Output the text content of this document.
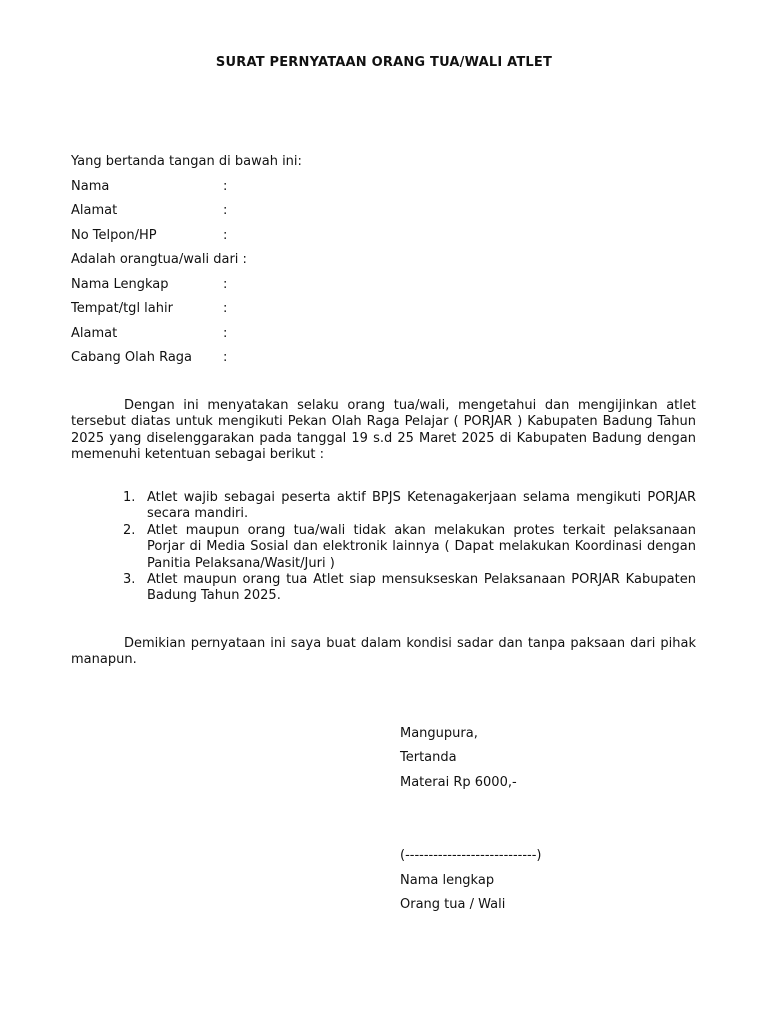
SURAT PERNYATAAN ORANG TUA/WALI ATLET
Yang bertanda tangan di bawah ini:
Nama	:
Alamat	:
No Telpon/HP	:
Adalah orangtua/wali dari :
Nama Lengkap	:
Tempat/tgl lahir	:
Alamat	:
Cabang Olah Raga :
Dengan ini menyatakan selaku orang tua/wali, mengetahui dan mengijinkan atlet tersebut diatas untuk mengikuti Pekan Olah Raga Pelajar ( PORJAR ) Kabupaten Badung Tahun 2025 yang diselenggarakan pada tanggal 19 s.d 25 Maret 2025 di Kabupaten Badung dengan memenuhi ketentuan sebagai berikut :
1. Atlet wajib sebagai peserta aktif BPJS Ketenagakerjaan selama mengikuti PORJAR secara mandiri.
2. Atlet maupun orang tua/wali tidak akan melakukan protes terkait pelaksanaan Porjar di Media Sosial dan elektronik lainnya ( Dapat melakukan Koordinasi dengan Panitia Pelaksana/Wasit/Juri )
3. Atlet maupun orang tua Atlet siap mensukseskan Pelaksanaan PORJAR Kabupaten Badung Tahun 2025.
Demikian pernyataan ini saya buat dalam kondisi sadar dan tanpa paksaan dari pihak manapun.
Mangupura,
Tertanda
Materai Rp 6000,-
(----------------------------)
Nama lengkap
Orang tua / Wali
